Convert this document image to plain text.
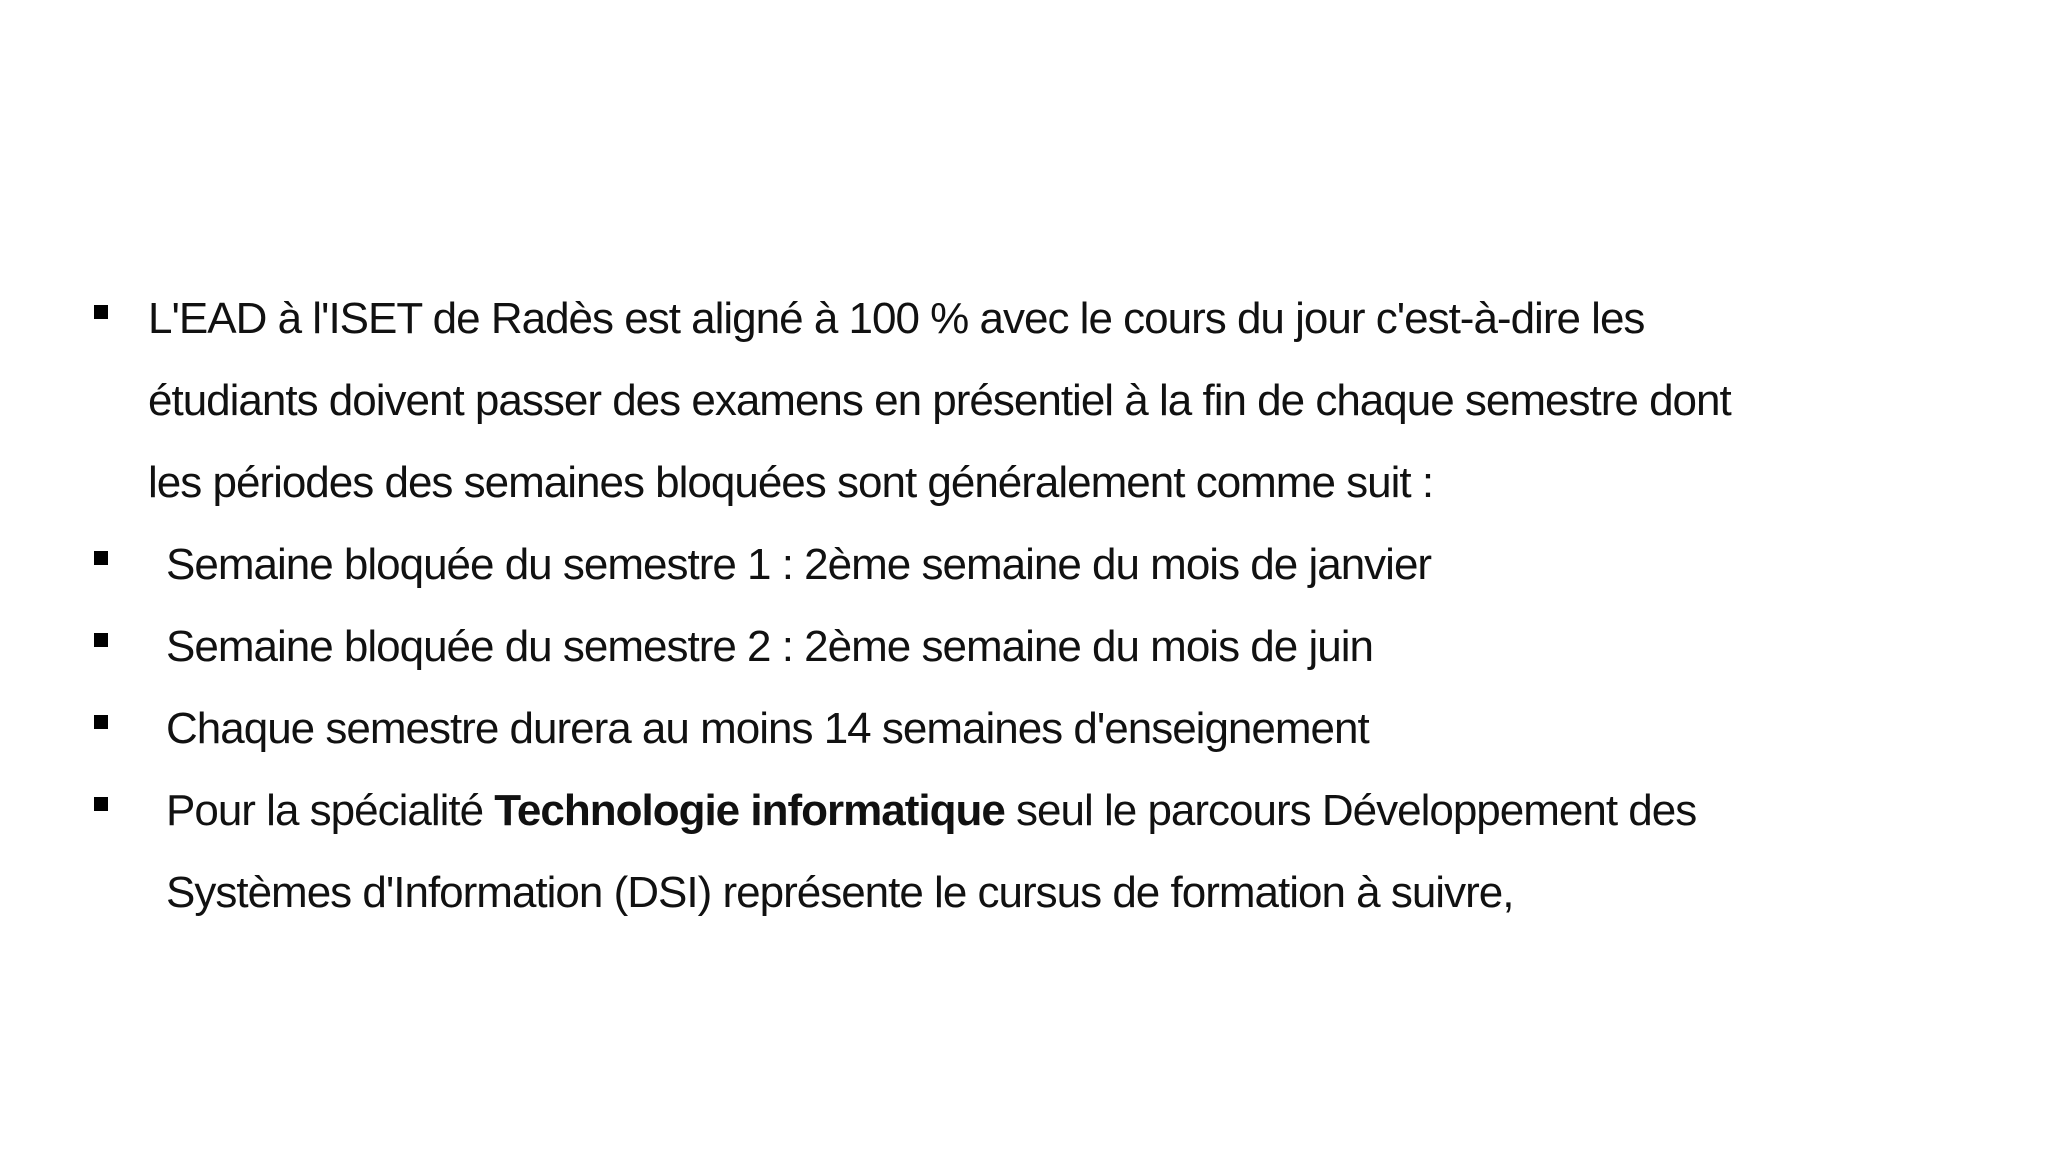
L'EAD à l'ISET de Radès est aligné à 100 % avec le cours du jour c'est-à-dire les
étudiants doivent passer des examens en présentiel à la fin de chaque semestre dont
les périodes des semaines bloquées sont généralement comme suit :
Semaine bloquée du semestre 1 : 2ème semaine du mois de janvier
Semaine bloquée du semestre 2 : 2ème semaine du mois de juin
Chaque semestre durera au moins 14 semaines d'enseignement
Pour la spécialité Technologie informatique seul le parcours Développement des
Systèmes d'Information (DSI) représente le cursus de formation à suivre,
